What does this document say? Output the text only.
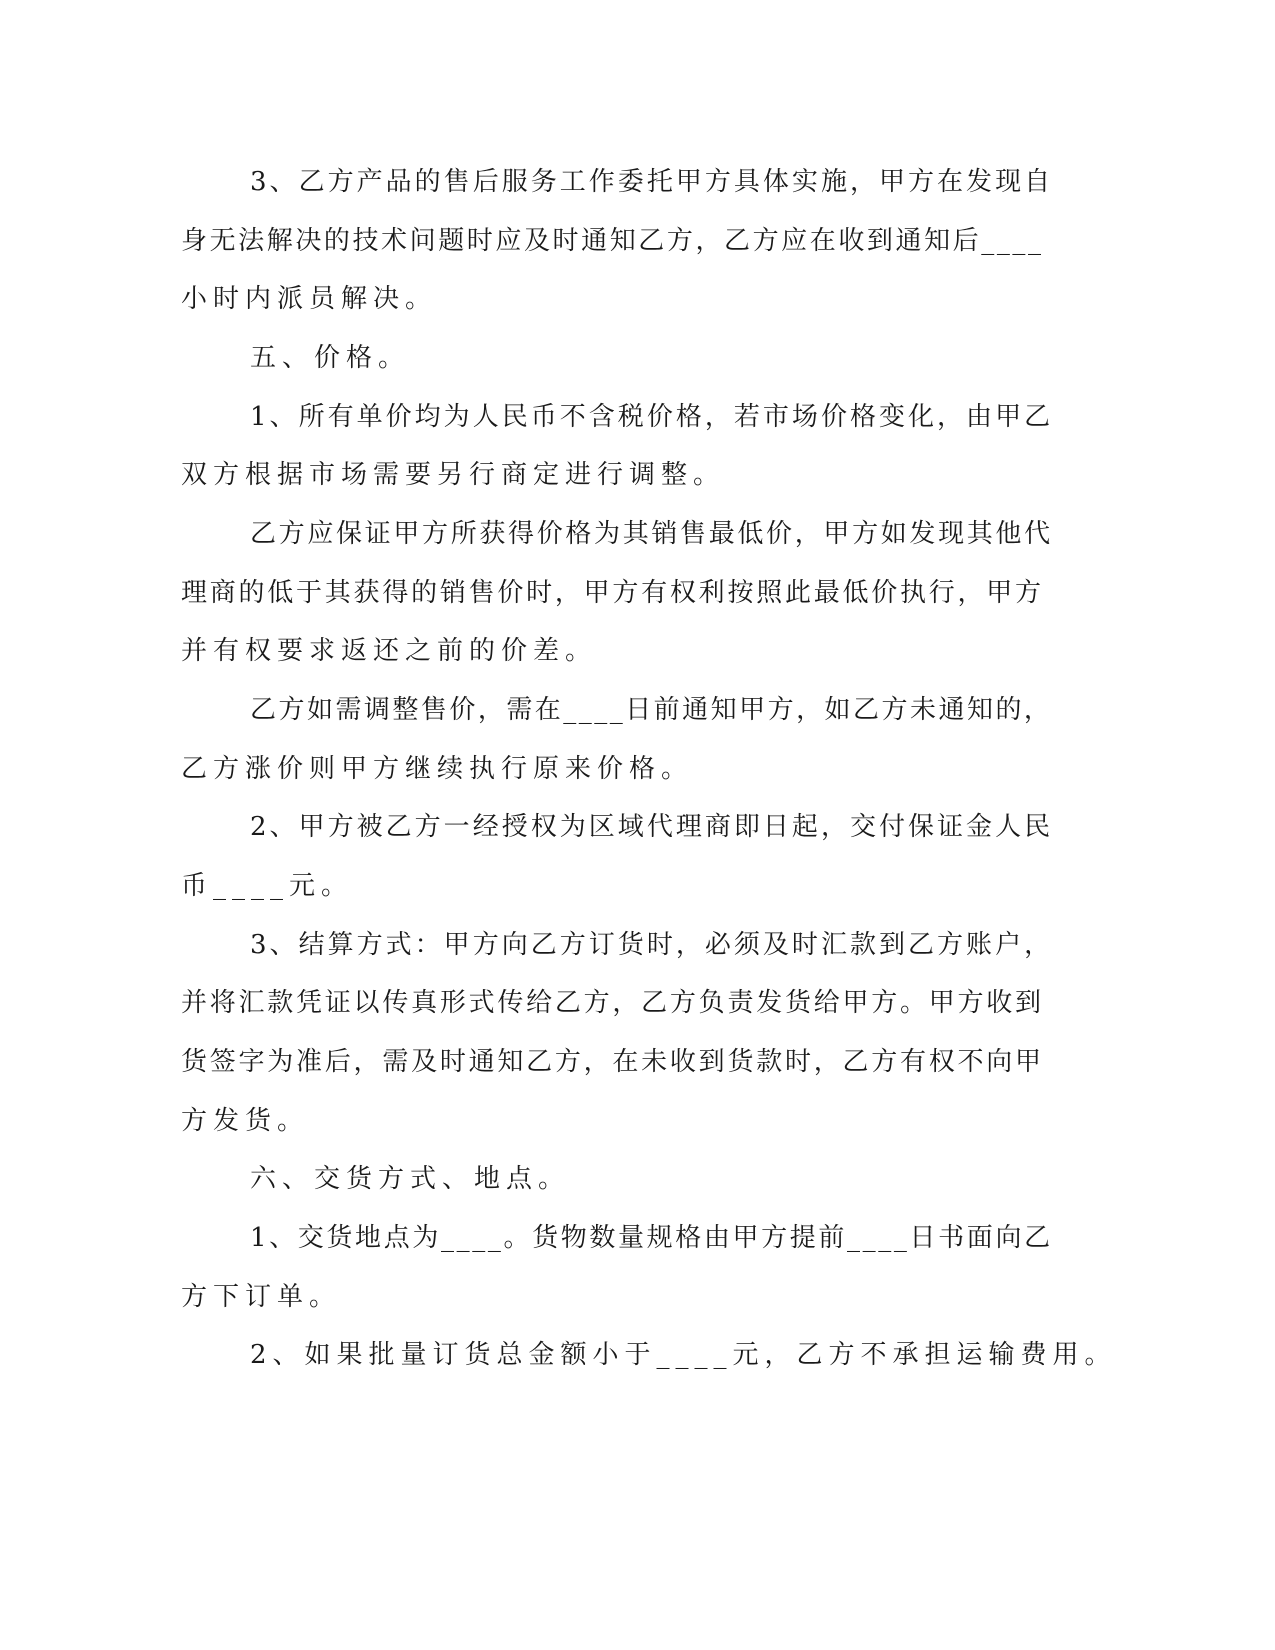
3、乙方产品的售后服务工作委托甲方具体实施，甲方在发现自
身无法解决的技术问题时应及时通知乙方，乙方应在收到通知后____
小时内派员解决。
五、价格。
1、所有单价均为人民币不含税价格，若市场价格变化，由甲乙
双方根据市场需要另行商定进行调整。
乙方应保证甲方所获得价格为其销售最低价，甲方如发现其他代
理商的低于其获得的销售价时，甲方有权利按照此最低价执行，甲方
并有权要求返还之前的价差。
乙方如需调整售价，需在____日前通知甲方，如乙方未通知的，
乙方涨价则甲方继续执行原来价格。
2、甲方被乙方一经授权为区域代理商即日起，交付保证金人民
币____元。
3、结算方式：甲方向乙方订货时，必须及时汇款到乙方账户，
并将汇款凭证以传真形式传给乙方，乙方负责发货给甲方。甲方收到
货签字为准后，需及时通知乙方，在未收到货款时，乙方有权不向甲
方发货。
六、交货方式、地点。
1、交货地点为____。货物数量规格由甲方提前____日书面向乙
方下订单。
2、如果批量订货总金额小于____元，乙方不承担运输费用。
